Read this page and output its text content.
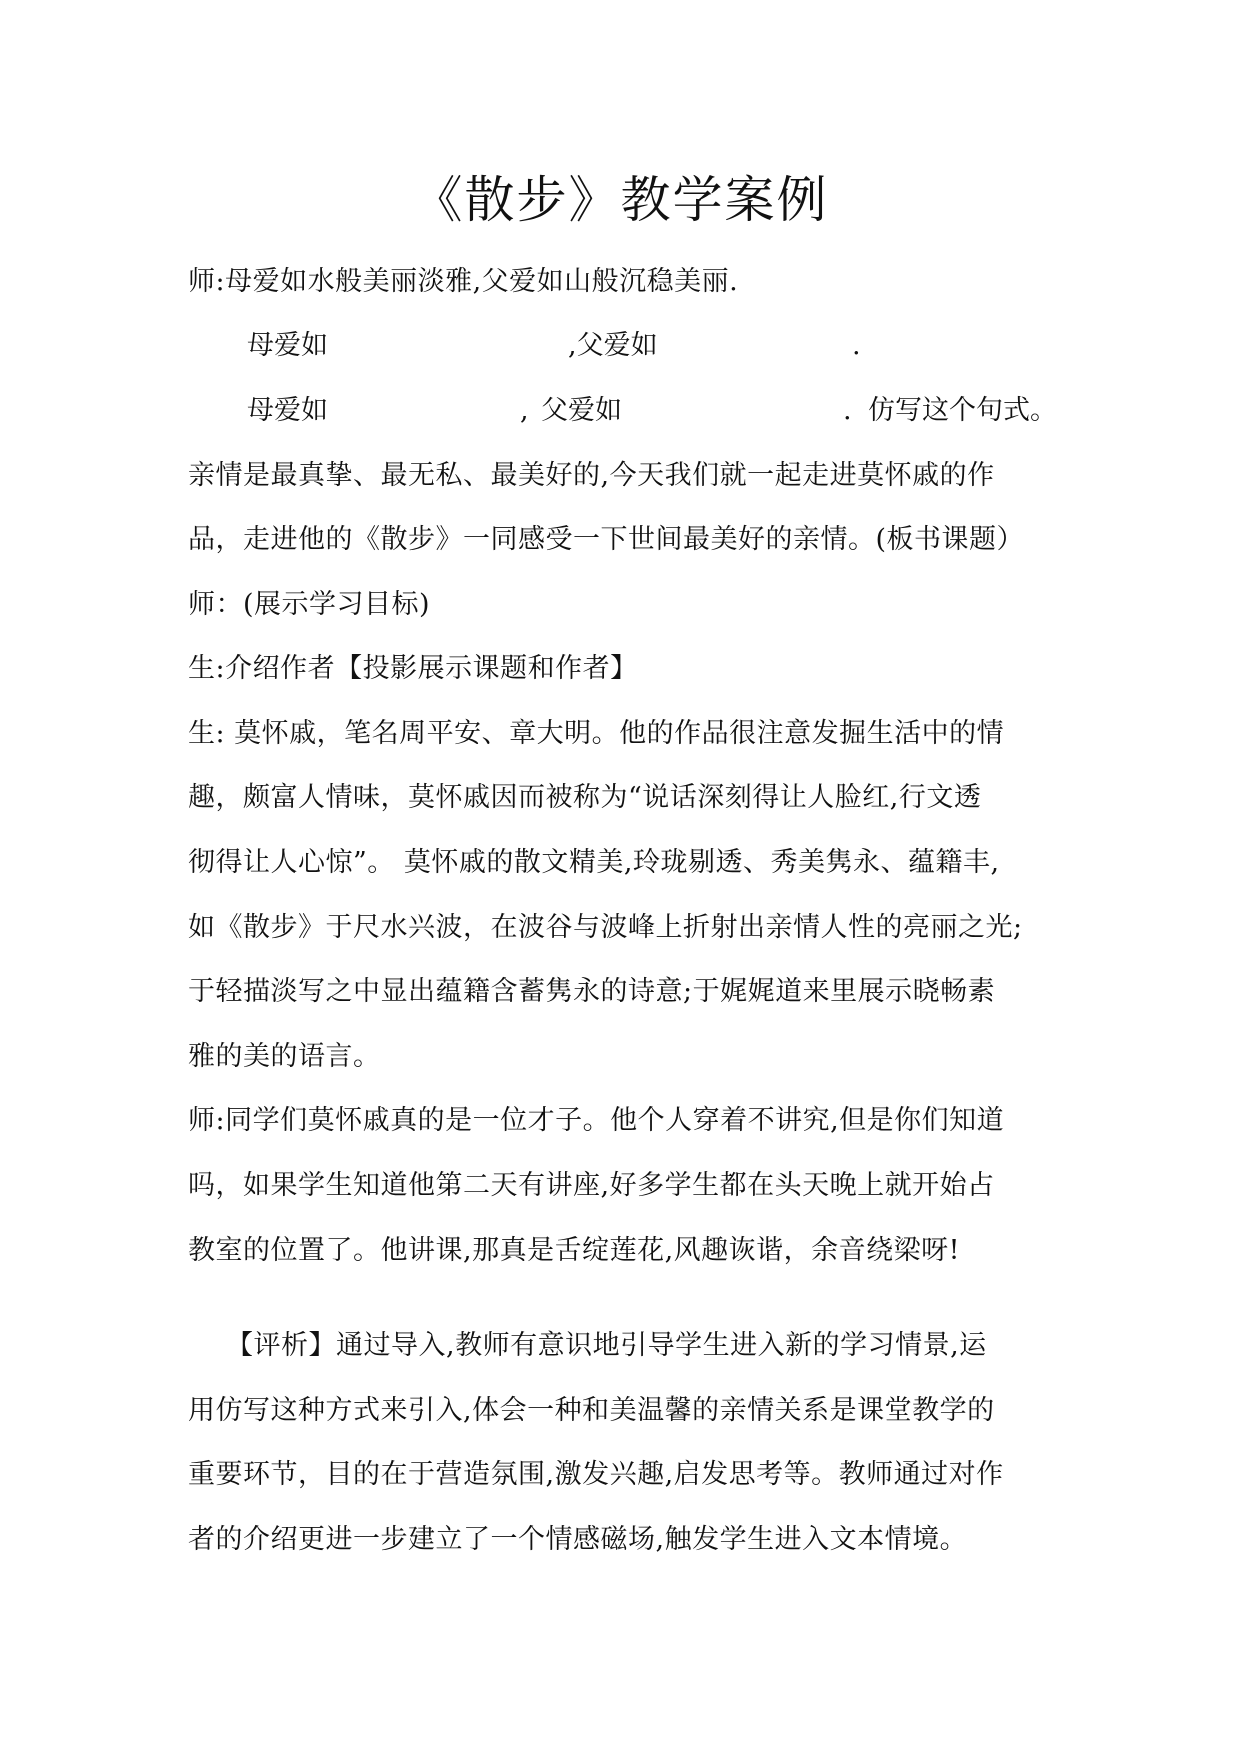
《散步》教学案例
师:母爱如水般美丽淡雅,父爱如山般沉稳美丽.
母爱如	,父爱如	.
母爱如	, 父爱如	. 仿写这个句式。
亲情是最真挚、最无私、最美好的,今天我们就一起走进莫怀戚的作
品，走进他的《散步》一同感受一下世间最美好的亲情。(板书课题）
师：(展示学习目标)
生:介绍作者【投影展示课题和作者】
生: 莫怀戚，笔名周平安、章大明。他的作品很注意发掘生活中的情
趣，颇富人情味，莫怀戚因而被称为“说话深刻得让人脸红,行文透
彻得让人心惊”。 莫怀戚的散文精美,玲珑剔透、秀美隽永、蕴籍丰,
如《散步》于尺水兴波，在波谷与波峰上折射出亲情人性的亮丽之光;
于轻描淡写之中显出蕴籍含蓄隽永的诗意;于娓娓道来里展示晓畅素
雅的美的语言。
师:同学们莫怀戚真的是一位才子。他个人穿着不讲究,但是你们知道
吗，如果学生知道他第二天有讲座,好多学生都在头天晚上就开始占
教室的位置了。他讲课,那真是舌绽莲花,风趣诙谐，余音绕梁呀!
【评析】通过导入,教师有意识地引导学生进入新的学习情景,运
用仿写这种方式来引入,体会一种和美温馨的亲情关系是课堂教学的
重要环节，目的在于营造氛围,激发兴趣,启发思考等。教师通过对作
者的介绍更进一步建立了一个情感磁场,触发学生进入文本情境。
